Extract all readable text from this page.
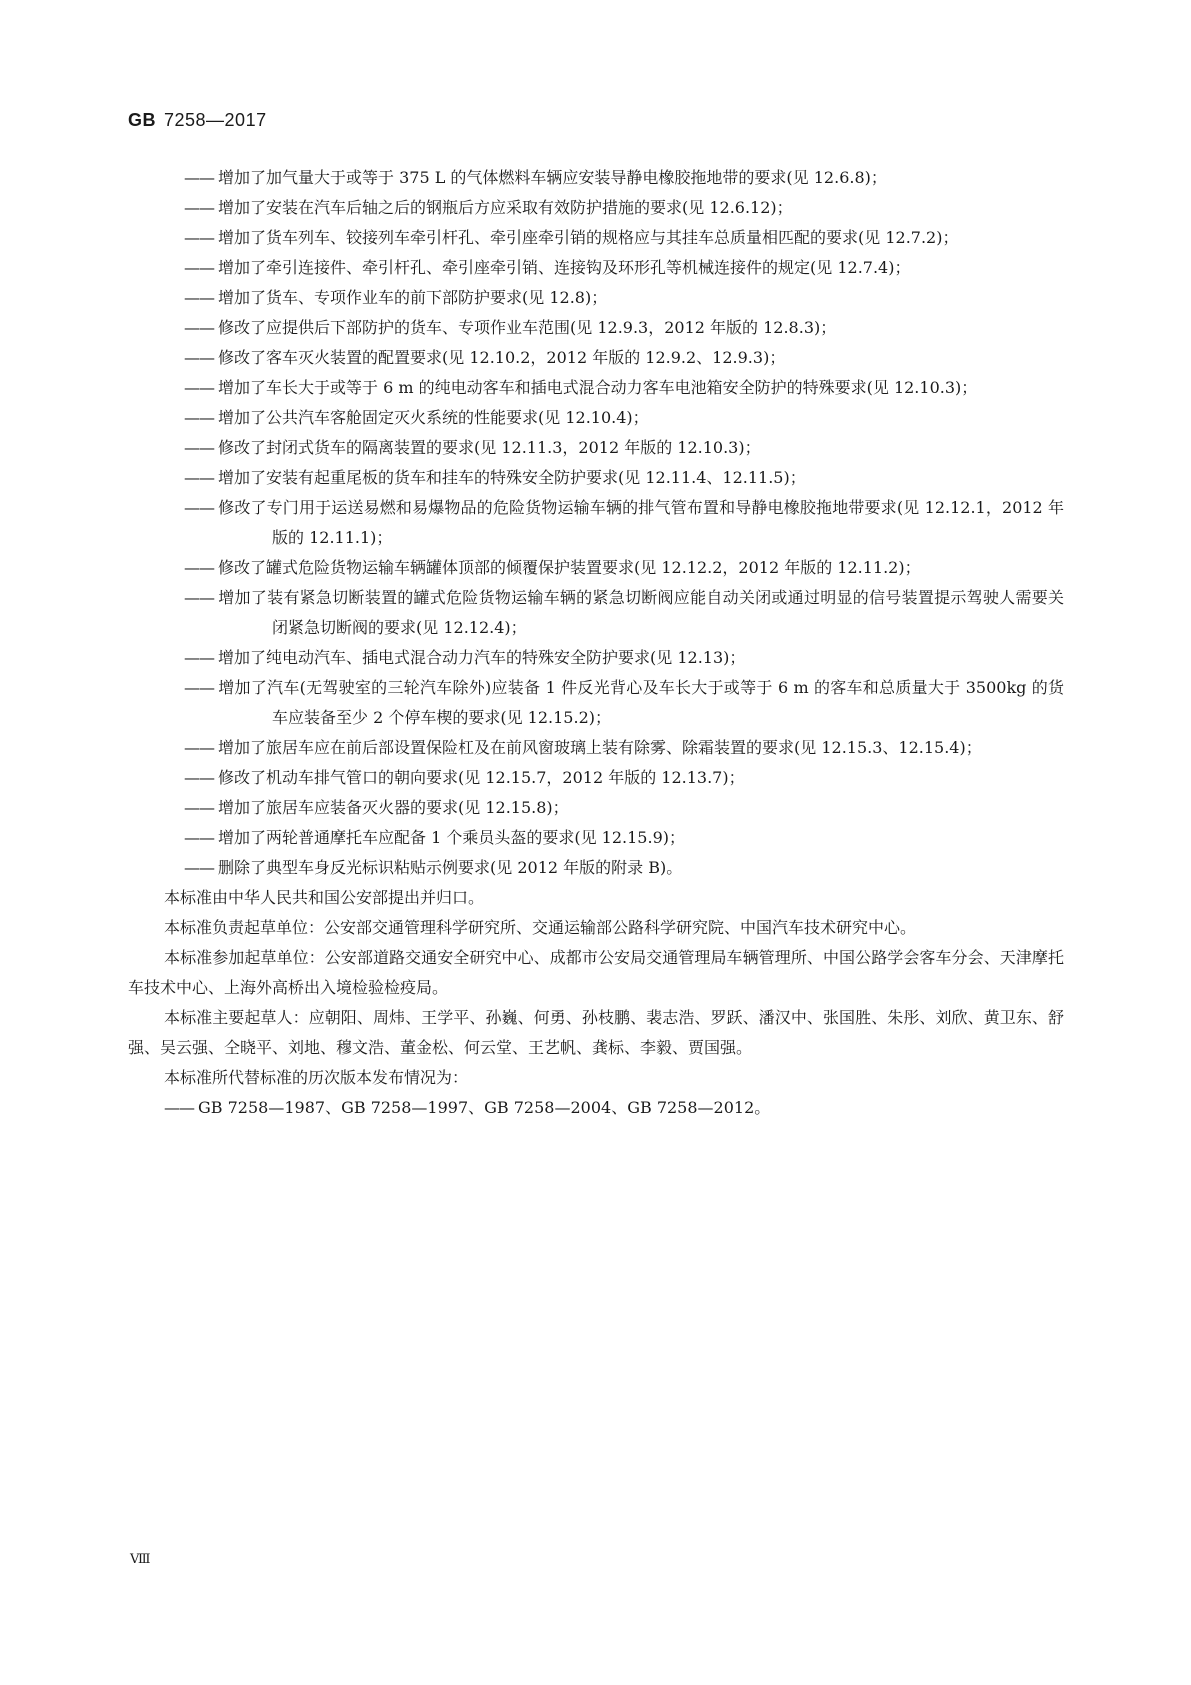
GB 7258—2017
—— 增加了加气量大于或等于 375 L 的气体燃料车辆应安装导静电橡胶拖地带的要求(见 12.6.8)；
—— 增加了安装在汽车后轴之后的钢瓶后方应采取有效防护措施的要求(见 12.6.12)；
—— 增加了货车列车、铰接列车牵引杆孔、牵引座牵引销的规格应与其挂车总质量相匹配的要求(见 12.7.2)；
—— 增加了牵引连接件、牵引杆孔、牵引座牵引销、连接钩及环形孔等机械连接件的规定(见 12.7.4)；
—— 增加了货车、专项作业车的前下部防护要求(见 12.8)；
—— 修改了应提供后下部防护的货车、专项作业车范围(见 12.9.3，2012 年版的 12.8.3)；
—— 修改了客车灭火装置的配置要求(见 12.10.2，2012 年版的 12.9.2、12.9.3)；
—— 增加了车长大于或等于 6 m 的纯电动客车和插电式混合动力客车电池箱安全防护的特殊要求(见 12.10.3)；
—— 增加了公共汽车客舱固定灭火系统的性能要求(见 12.10.4)；
—— 修改了封闭式货车的隔离装置的要求(见 12.11.3，2012 年版的 12.10.3)；
—— 增加了安装有起重尾板的货车和挂车的特殊安全防护要求(见 12.11.4、12.11.5)；
—— 修改了专门用于运送易燃和易爆物品的危险货物运输车辆的排气管布置和导静电橡胶拖地带要求(见 12.12.1，2012 年版的 12.11.1)；
—— 修改了罐式危险货物运输车辆罐体顶部的倾覆保护装置要求(见 12.12.2，2012 年版的 12.11.2)；
—— 增加了装有紧急切断装置的罐式危险货物运输车辆的紧急切断阀应能自动关闭或通过明显的信号装置提示驾驶人需要关闭紧急切断阀的要求(见 12.12.4)；
—— 增加了纯电动汽车、插电式混合动力汽车的特殊安全防护要求(见 12.13)；
—— 增加了汽车(无驾驶室的三轮汽车除外)应装备 1 件反光背心及车长大于或等于 6 m 的客车和总质量大于 3500kg 的货车应装备至少 2 个停车楔的要求(见 12.15.2)；
—— 增加了旅居车应在前后部设置保险杠及在前风窗玻璃上装有除雾、除霜装置的要求(见 12.15.3、12.15.4)；
—— 修改了机动车排气管口的朝向要求(见 12.15.7，2012 年版的 12.13.7)；
—— 增加了旅居车应装备灭火器的要求(见 12.15.8)；
—— 增加了两轮普通摩托车应配备 1 个乘员头盔的要求(见 12.15.9)；
—— 删除了典型车身反光标识粘贴示例要求(见 2012 年版的附录 B)。

本标准由中华人民共和国公安部提出并归口。

本标准负责起草单位：公安部交通管理科学研究所、交通运输部公路科学研究院、中国汽车技术研究中心。

本标准参加起草单位：公安部道路交通安全研究中心、成都市公安局交通管理局车辆管理所、中国公路学会客车分会、天津摩托车技术中心、上海外高桥出入境检验检疫局。

本标准主要起草人：应朝阳、周炜、王学平、孙巍、何勇、孙枝鹏、裴志浩、罗跃、潘汉中、张国胜、朱彤、刘欣、黄卫东、舒强、吴云强、仝晓平、刘地、穆文浩、董金松、何云堂、王艺帆、龚标、李毅、贾国强。

本标准所代替标准的历次版本发布情况为：

—— GB 7258—1987、GB 7258—1997、GB 7258—2004、GB 7258—2012。

Ⅷ
